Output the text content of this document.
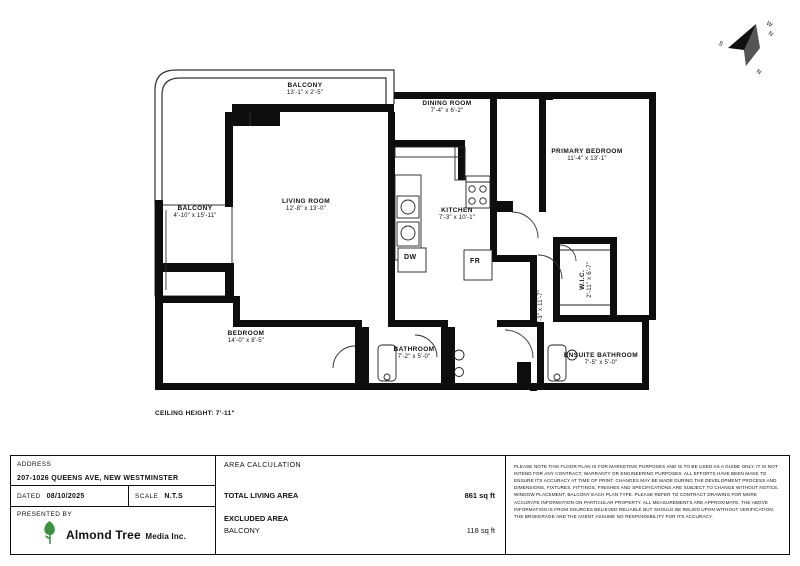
W
N
S
N
BALCONY
13'-1" x 2'-5"
DINING ROOM
7'-4" x 6'-2"
PRIMARY BEDROOM
11'-4" x 13'-1"
LIVING ROOM
12'-8" x 13'-0"
BALCONY
4'-10" x 15'-11"
KITCHEN
7'-3" x 10'-1"
W.I.C. 2'-11" x 6'-7"
BEDROOM
14'-0" x 8'-5"
BATHROOM
7'-2" x 5'-0"
FOYER 3'-3" x 11'-7"
ENSUITE BATHROOM
7'-5" x 5'-0"
DW
FR
CEILING HEIGHT: 7'-11"
ADDRESS
207-1026 QUEENS AVE, NEW WESTMINSTER
DATED 08/10/2025	SCALE N.T.S
PRESENTED BY
Almond Tree Media Inc.
AREA CALCULATION
TOTAL LIVING AREA	861 sq ft
EXCLUDED AREA
BALCONY	118 sq ft
PLEASE NOTE THIS FLOOR PLAN IS FOR MARKETING PURPOSES AND IS TO BE USED AS A GUIDE ONLY. IT IS NOT INTEND FOR ANY CONTRACT, WARRANTY OR ENGINEERING PURPOSES. ALL EFFORTS HAVE BEEN MAKE TO ENSURE ITS ACCURACY AT TIME OF PRINT. CHANGES MAY BE MADE DURING THE DEVELOPMENT PROCESS AND DIMENSIONS, FIXTURES, FITTINGS, FINISHES AND SPECIFICATIONS ARE SUBJECT TO CHANGE WITHOUT NOTICE. WINDOW PLACEMENT, BALCONY EACH PLAN TYPE. PLEASE REFER TO CONTRACT DRAWING FOR MORE ACCURATE INFORMATION ON PARTICULAR PROPERTY. ALL MEASUREMENTS ARE APPROXIMATE. THE ABOVE INFORMATION IS FROM SOURCES BELIEVED RELIABLE BUT SHOULD BE RELIED UPON WITHOUT VERIFICATION. THE BROKERAGE AND THE AGENT ASSUME NO RESPONSIBILITY FOR ITS ACCURACY.
